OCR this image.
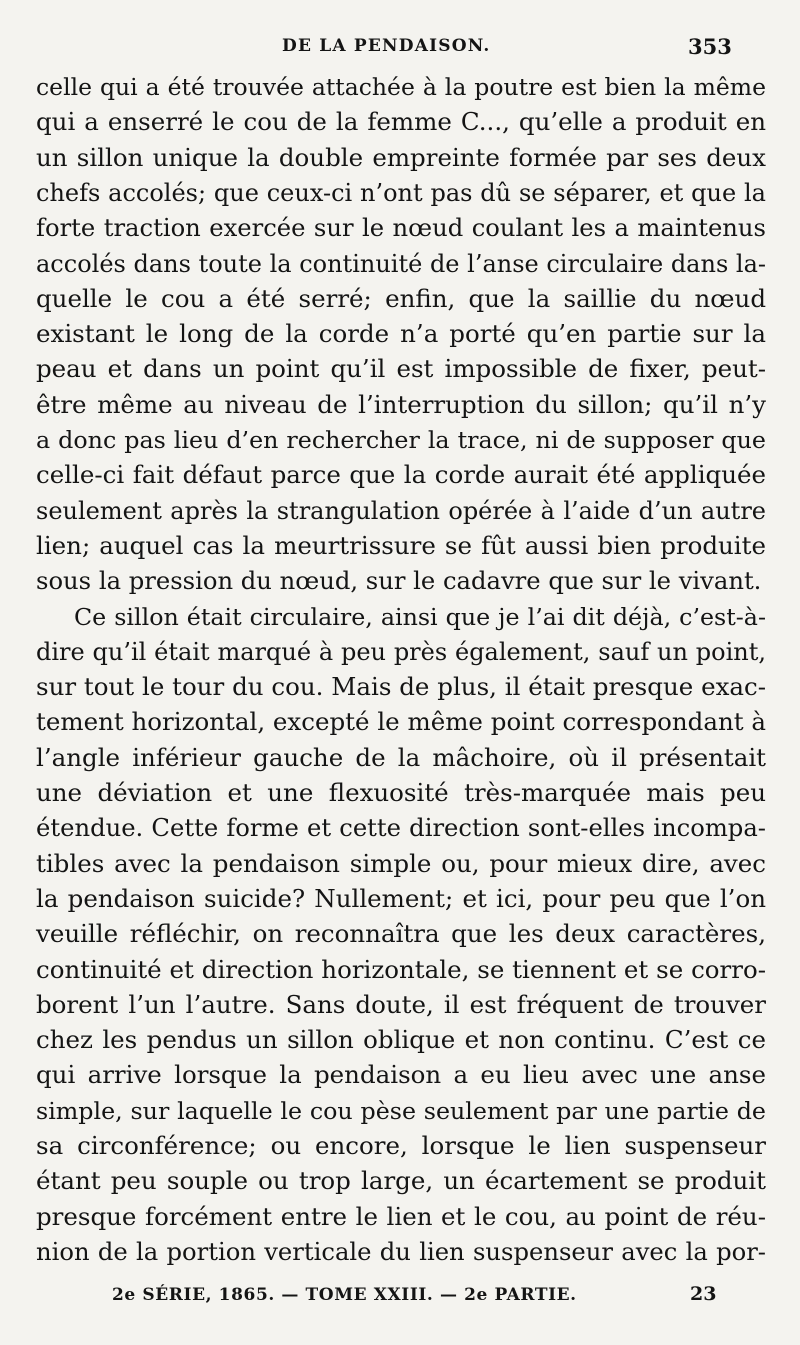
DE LA PENDAISON.	353
celle qui a été trouvée attachée à la poutre est bien la même
qui a enserré le cou de la femme C..., qu’elle a produit en
un sillon unique la double empreinte formée par ses deux
chefs accolés; que ceux-ci n’ont pas dû se séparer, et que la
forte traction exercée sur le nœud coulant les a maintenus
accolés dans toute la continuité de l’anse circulaire dans la-
quelle le cou a été serré; enfin, que la saillie du nœud
existant le long de la corde n’a porté qu’en partie sur la
peau et dans un point qu’il est impossible de fixer, peut-
être même au niveau de l’interruption du sillon; qu’il n’y
a donc pas lieu d’en rechercher la trace, ni de supposer que
celle-ci fait défaut parce que la corde aurait été appliquée
seulement après la strangulation opérée à l’aide d’un autre
lien; auquel cas la meurtrissure se fût aussi bien produite
sous la pression du nœud, sur le cadavre que sur le vivant.
Ce sillon était circulaire, ainsi que je l’ai dit déjà, c’est-à-
dire qu’il était marqué à peu près également, sauf un point,
sur tout le tour du cou. Mais de plus, il était presque exac-
tement horizontal, excepté le même point correspondant à
l’angle inférieur gauche de la mâchoire, où il présentait
une déviation et une flexuosité très-marquée mais peu
étendue. Cette forme et cette direction sont-elles incompa-
tibles avec la pendaison simple ou, pour mieux dire, avec
la pendaison suicide? Nullement; et ici, pour peu que l’on
veuille réfléchir, on reconnaîtra que les deux caractères,
continuité et direction horizontale, se tiennent et se corro-
borent l’un l’autre. Sans doute, il est fréquent de trouver
chez les pendus un sillon oblique et non continu. C’est ce
qui arrive lorsque la pendaison a eu lieu avec une anse
simple, sur laquelle le cou pèse seulement par une partie de
sa circonférence; ou encore, lorsque le lien suspenseur
étant peu souple ou trop large, un écartement se produit
presque forcément entre le lien et le cou, au point de réu-
nion de la portion verticale du lien suspenseur avec la por-
2e SÉRIE, 1865. — TOME XXIII. — 2e PARTIE.	23
